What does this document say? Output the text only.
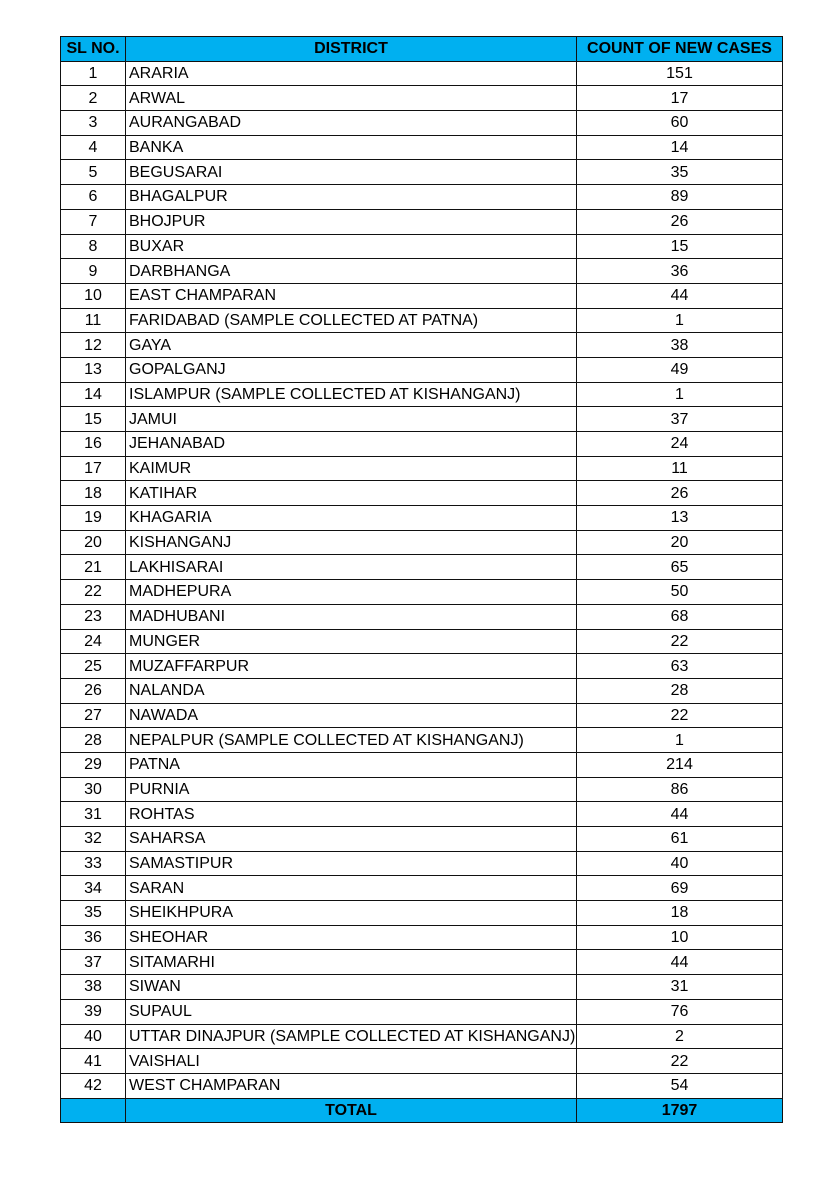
SL NO.	DISTRICT	COUNT OF NEW CASES
1	ARARIA	151
2	ARWAL	17
3	AURANGABAD	60
4	BANKA	14
5	BEGUSARAI	35
6	BHAGALPUR	89
7	BHOJPUR	26
8	BUXAR	15
9	DARBHANGA	36
10	EAST CHAMPARAN	44
11	FARIDABAD (SAMPLE COLLECTED AT PATNA)	1
12	GAYA	38
13	GOPALGANJ	49
14	ISLAMPUR (SAMPLE COLLECTED AT KISHANGANJ)	1
15	JAMUI	37
16	JEHANABAD	24
17	KAIMUR	11
18	KATIHAR	26
19	KHAGARIA	13
20	KISHANGANJ	20
21	LAKHISARAI	65
22	MADHEPURA	50
23	MADHUBANI	68
24	MUNGER	22
25	MUZAFFARPUR	63
26	NALANDA	28
27	NAWADA	22
28	NEPALPUR (SAMPLE COLLECTED AT KISHANGANJ)	1
29	PATNA	214
30	PURNIA	86
31	ROHTAS	44
32	SAHARSA	61
33	SAMASTIPUR	40
34	SARAN	69
35	SHEIKHPURA	18
36	SHEOHAR	10
37	SITAMARHI	44
38	SIWAN	31
39	SUPAUL	76
40	UTTAR DINAJPUR (SAMPLE COLLECTED AT KISHANGANJ)	2
41	VAISHALI	22
42	WEST CHAMPARAN	54
	TOTAL	1797
